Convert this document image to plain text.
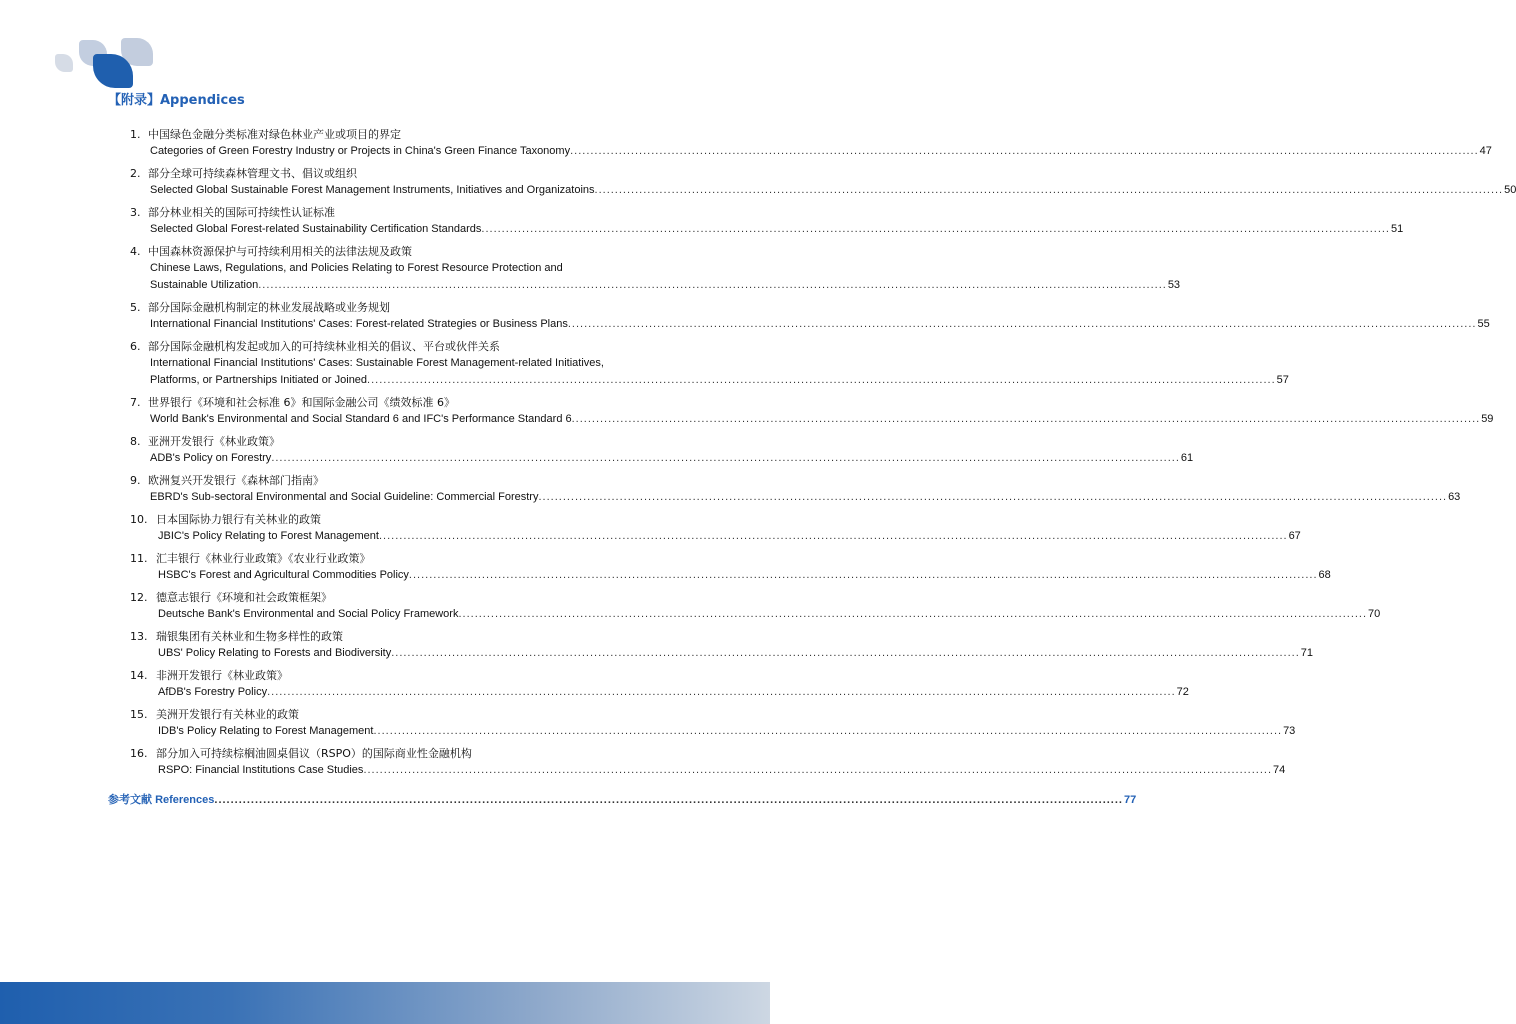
【附录】Appendices
1. 中国绿色金融分类标准对绿色林业产业或项目的界定
Categories of Green Forestry Industry or Projects in China's Green Finance Taxonomy .....	47
2. 部分全球可持续森林管理文书、倡议或组织
Selected Global Sustainable Forest Management Instruments, Initiatives and Organizatoins .....	50
3. 部分林业相关的国际可持续性认证标准
Selected Global Forest-related Sustainability Certification Standards .....	51
4. 中国森林资源保护与可持续利用相关的法律法规及政策
Chinese Laws, Regulations, and Policies Relating to Forest Resource Protection and
Sustainable Utilization .....	53
5. 部分国际金融机构制定的林业发展战略或业务规划
International Financial Institutions' Cases: Forest-related Strategies or Business Plans .....	55
6. 部分国际金融机构发起或加入的可持续林业相关的倡议、平台或伙伴关系
International Financial Institutions' Cases: Sustainable Forest Management-related Initiatives,
Platforms, or Partnerships Initiated or Joined .....	57
7. 世界银行《环境和社会标准 6》和国际金融公司《绩效标准 6》
World Bank's Environmental and Social Standard 6 and IFC's Performance Standard 6 .....	59
8. 亚洲开发银行《林业政策》
ADB's Policy on Forestry .....	61
9. 欧洲复兴开发银行《森林部门指南》
EBRD's Sub-sectoral Environmental and Social Guideline: Commercial Forestry .....	63
10. 日本国际协力银行有关林业的政策
JBIC's Policy Relating to Forest Management .....	67
11. 汇丰银行《林业行业政策》《农业行业政策》
HSBC's Forest and Agricultural Commodities Policy .....	68
12. 德意志银行《环境和社会政策框架》
Deutsche Bank's Environmental and Social Policy Framework .....	70
13. 瑞银集团有关林业和生物多样性的政策
UBS' Policy Relating to Forests and Biodiversity .....	71
14. 非洲开发银行《林业政策》
AfDB's Forestry Policy .....	72
15. 美洲开发银行有关林业的政策
IDB's Policy Relating to Forest Management .....	73
16. 部分加入可持续棕榈油圆桌倡议（RSPO）的国际商业性金融机构
RSPO: Financial Institutions Case Studies .....	74
参考文献 References .....	77
